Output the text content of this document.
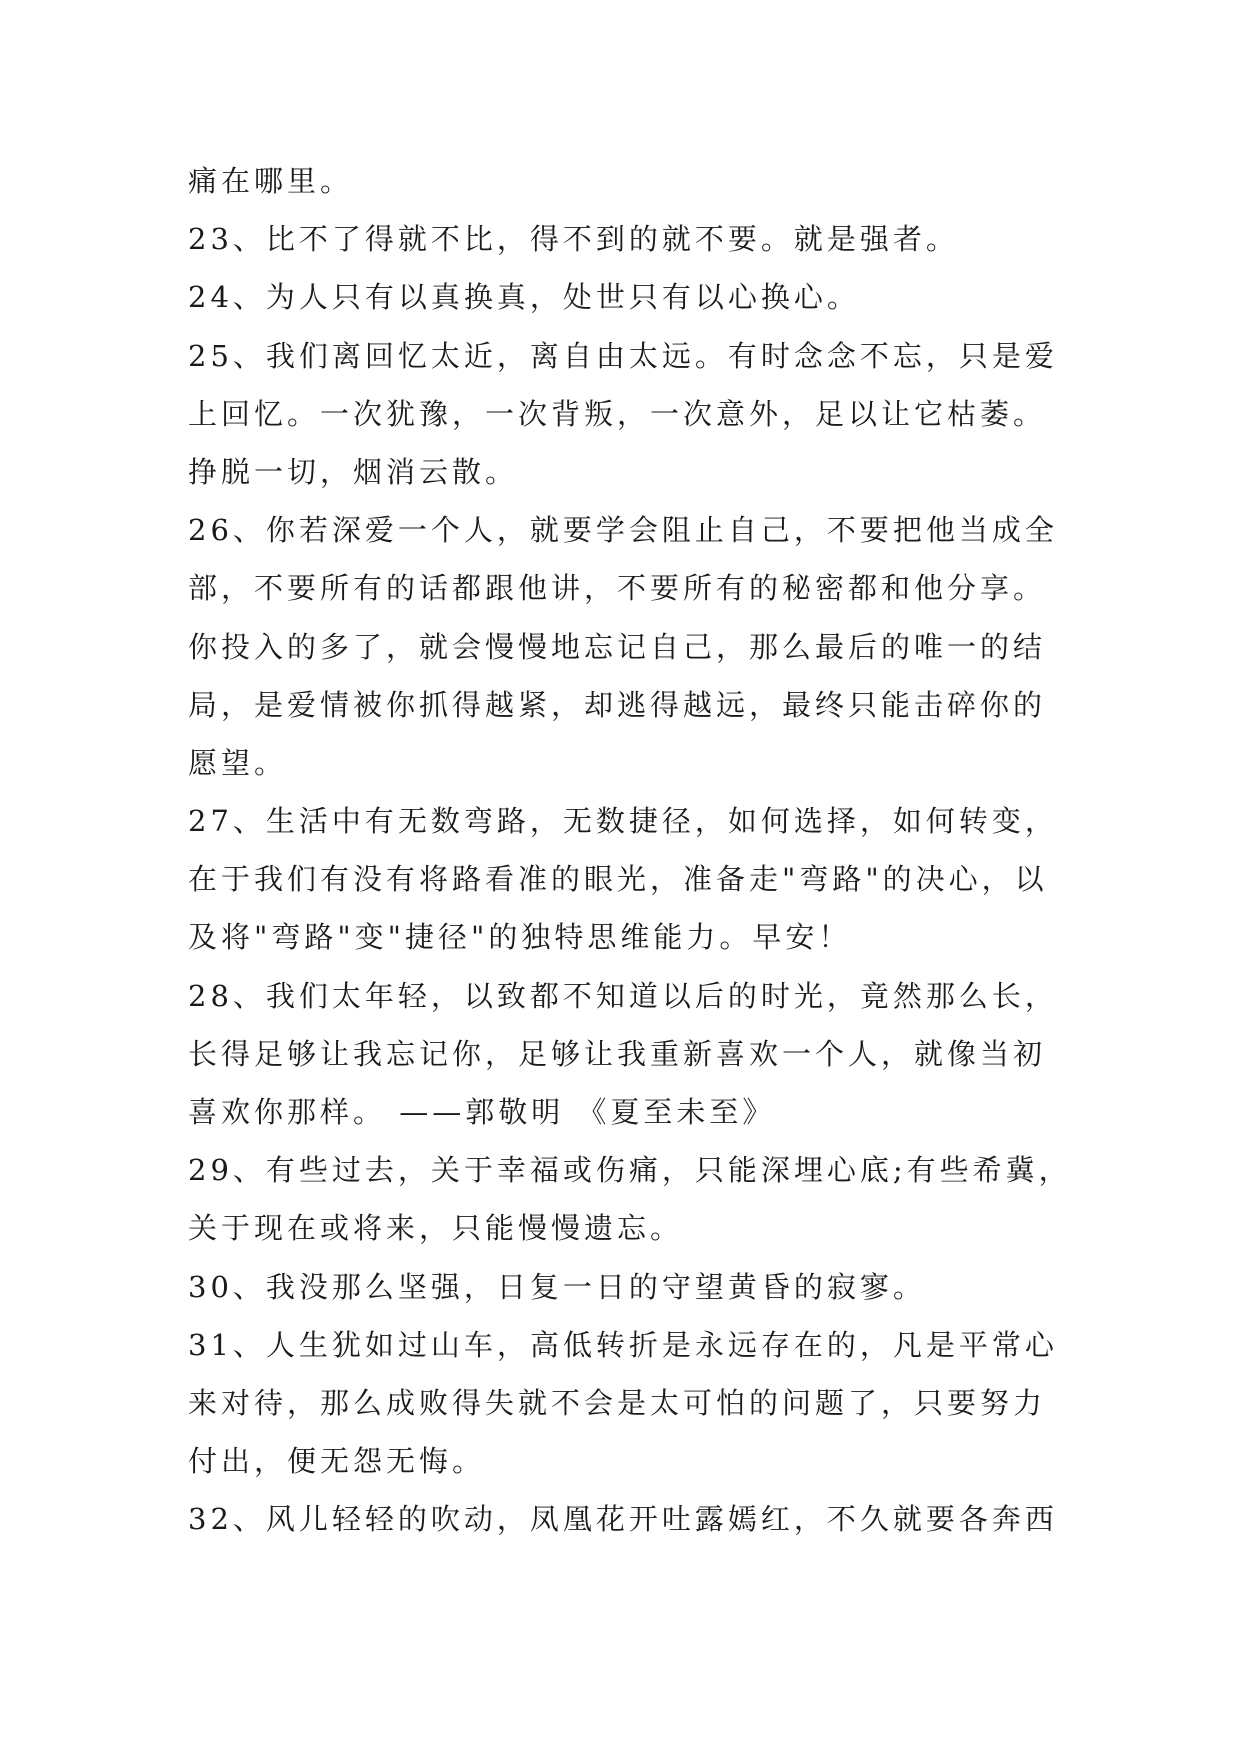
痛在哪里。
23、比不了得就不比，得不到的就不要。就是强者。
24、为人只有以真换真，处世只有以心换心。
25、我们离回忆太近，离自由太远。有时念念不忘，只是爱
上回忆。一次犹豫，一次背叛，一次意外，足以让它枯萎。
挣脱一切，烟消云散。
26、你若深爱一个人，就要学会阻止自己，不要把他当成全
部，不要所有的话都跟他讲，不要所有的秘密都和他分享。
你投入的多了，就会慢慢地忘记自己，那么最后的唯一的结
局，是爱情被你抓得越紧，却逃得越远，最终只能击碎你的
愿望。
27、生活中有无数弯路，无数捷径，如何选择，如何转变，
在于我们有没有将路看准的眼光，准备走"弯路"的决心，以
及将"弯路"变"捷径"的独特思维能力。早安！
28、我们太年轻，以致都不知道以后的时光，竟然那么长，
长得足够让我忘记你，足够让我重新喜欢一个人，就像当初
喜欢你那样。 ——郭敬明 《夏至未至》
29、有些过去，关于幸福或伤痛，只能深埋心底;有些希冀，
关于现在或将来，只能慢慢遗忘。
30、我没那么坚强，日复一日的守望黄昏的寂寥。
31、人生犹如过山车，高低转折是永远存在的，凡是平常心
来对待，那么成败得失就不会是太可怕的问题了，只要努力
付出，便无怨无悔。
32、风儿轻轻的吹动，凤凰花开吐露嫣红，不久就要各奔西
